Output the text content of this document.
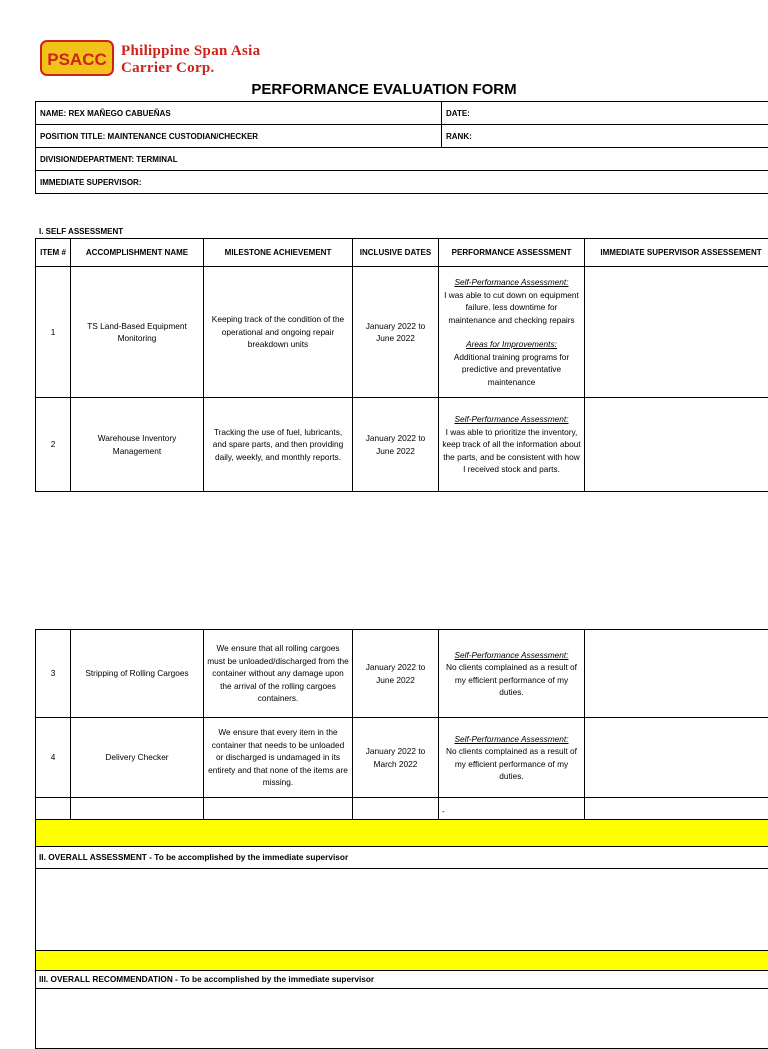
PSACC Philippine Span Asia
Carrier Corp.
PERFORMANCE EVALUATION FORM
NAME: REX MAÑEGO CABUEÑAS	DATE:
POSITION TITLE: MAINTENANCE CUSTODIAN/CHECKER	RANK:
DIVISION/DEPARTMENT: TERMINAL	
IMMEDIATE SUPERVISOR:	
I. SELF ASSESSMENT
ITEM #	ACCOMPLISHMENT NAME	MILESTONE ACHIEVEMENT	INCLUSIVE DATES	PERFORMANCE ASSESSMENT	IMMEDIATE SUPERVISOR ASSESSEMENT
1	TS Land-Based Equipment Monitoring	Keeping track of the condition of the operational and ongoing repair breakdown units	January 2022 to June 2022	Self-Performance Assessment:
I was able to cut down on equipment failure. less downtime for maintenance and checking repairs
Areas for Improvements:
Additional training programs for predictive and preventative maintenance	
2	Warehouse Inventory Management	Tracking the use of fuel, lubricants, and spare parts, and then providing daily, weekly, and monthly reports.	January 2022 to June 2022	Self-Performance Assessment:
I was able to prioritize the inventory, keep track of all the information about the parts, and be consistent with how I received stock and parts.	
3	Stripping of Rolling Cargoes	We ensure that all rolling cargoes must be unloaded/discharged from the container without any damage upon the arrival of the rolling cargoes containers.	January 2022 to June 2022	Self-Performance Assessment:
No clients complained as a result of my efficient performance of my duties.	
4	Delivery Checker	We ensure that every item in the container that needs to be unloaded or discharged is undamaged in its entirety and that none of the items are missing.	January 2022 to March 2022	Self-Performance Assessment:
No clients complained as a result of my efficient performance of my duties.	
				-	

II. OVERALL ASSESSMENT - To be accomplished by the immediate supervisor					

III. OVERALL RECOMMENDATION - To be accomplished by the immediate supervisor					
